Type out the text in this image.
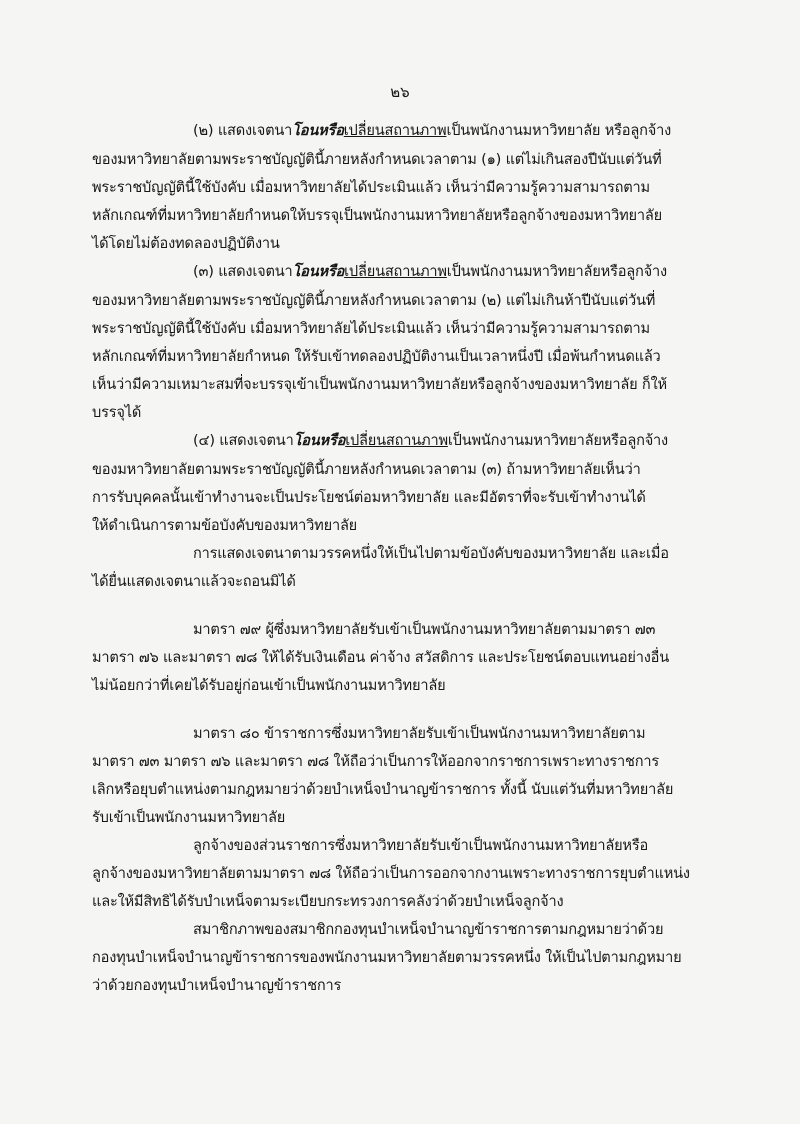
๒๖
(๒) แสดงเจตนาโอนหรือเปลี่ยนสถานภาพเป็นพนักงานมหาวิทยาลัย หรือลูกจ้าง
ของมหาวิทยาลัยตามพระราชบัญญัตินี้ภายหลังกำหนดเวลาตาม (๑) แต่ไม่เกินสองปีนับแต่วันที่
พระราชบัญญัตินี้ใช้บังคับ เมื่อมหาวิทยาลัยได้ประเมินแล้ว เห็นว่ามีความรู้ความสามารถตาม
หลักเกณฑ์ที่มหาวิทยาลัยกำหนดให้บรรจุเป็นพนักงานมหาวิทยาลัยหรือลูกจ้างของมหาวิทยาลัย
ได้โดยไม่ต้องทดลองปฏิบัติงาน
(๓) แสดงเจตนาโอนหรือเปลี่ยนสถานภาพเป็นพนักงานมหาวิทยาลัยหรือลูกจ้าง
ของมหาวิทยาลัยตามพระราชบัญญัตินี้ภายหลังกำหนดเวลาตาม (๒) แต่ไม่เกินห้าปีนับแต่วันที่
พระราชบัญญัตินี้ใช้บังคับ เมื่อมหาวิทยาลัยได้ประเมินแล้ว เห็นว่ามีความรู้ความสามารถตาม
หลักเกณฑ์ที่มหาวิทยาลัยกำหนด ให้รับเข้าทดลองปฏิบัติงานเป็นเวลาหนึ่งปี เมื่อพ้นกำหนดแล้ว
เห็นว่ามีความเหมาะสมที่จะบรรจุเข้าเป็นพนักงานมหาวิทยาลัยหรือลูกจ้างของมหาวิทยาลัย ก็ให้
บรรจุได้
(๔) แสดงเจตนาโอนหรือเปลี่ยนสถานภาพเป็นพนักงานมหาวิทยาลัยหรือลูกจ้าง
ของมหาวิทยาลัยตามพระราชบัญญัตินี้ภายหลังกำหนดเวลาตาม (๓) ถ้ามหาวิทยาลัยเห็นว่า
การรับบุคคลนั้นเข้าทำงานจะเป็นประโยชน์ต่อมหาวิทยาลัย และมีอัตราที่จะรับเข้าทำงานได้
ให้ดำเนินการตามข้อบังคับของมหาวิทยาลัย
การแสดงเจตนาตามวรรคหนึ่งให้เป็นไปตามข้อบังคับของมหาวิทยาลัย และเมื่อ
ได้ยื่นแสดงเจตนาแล้วจะถอนมิได้
มาตรา ๗๙ ผู้ซึ่งมหาวิทยาลัยรับเข้าเป็นพนักงานมหาวิทยาลัยตามมาตรา ๗๓
มาตรา ๗๖ และมาตรา ๗๘ ให้ได้รับเงินเดือน ค่าจ้าง สวัสดิการ และประโยชน์ตอบแทนอย่างอื่น
ไม่น้อยกว่าที่เคยได้รับอยู่ก่อนเข้าเป็นพนักงานมหาวิทยาลัย
มาตรา ๘๐ ข้าราชการซึ่งมหาวิทยาลัยรับเข้าเป็นพนักงานมหาวิทยาลัยตาม
มาตรา ๗๓ มาตรา ๗๖ และมาตรา ๗๘ ให้ถือว่าเป็นการให้ออกจากราชการเพราะทางราชการ
เลิกหรือยุบตำแหน่งตามกฎหมายว่าด้วยบำเหน็จบำนาญข้าราชการ ทั้งนี้ นับแต่วันที่มหาวิทยาลัย
รับเข้าเป็นพนักงานมหาวิทยาลัย
ลูกจ้างของส่วนราชการซึ่งมหาวิทยาลัยรับเข้าเป็นพนักงานมหาวิทยาลัยหรือ
ลูกจ้างของมหาวิทยาลัยตามมาตรา ๗๘ ให้ถือว่าเป็นการออกจากงานเพราะทางราชการยุบตำแหน่ง
และให้มีสิทธิได้รับบำเหน็จตามระเบียบกระทรวงการคลังว่าด้วยบำเหน็จลูกจ้าง
สมาชิกภาพของสมาชิกกองทุนบำเหน็จบำนาญข้าราชการตามกฎหมายว่าด้วย
กองทุนบำเหน็จบำนาญข้าราชการของพนักงานมหาวิทยาลัยตามวรรคหนึ่ง ให้เป็นไปตามกฎหมาย
ว่าด้วยกองทุนบำเหน็จบำนาญข้าราชการ
